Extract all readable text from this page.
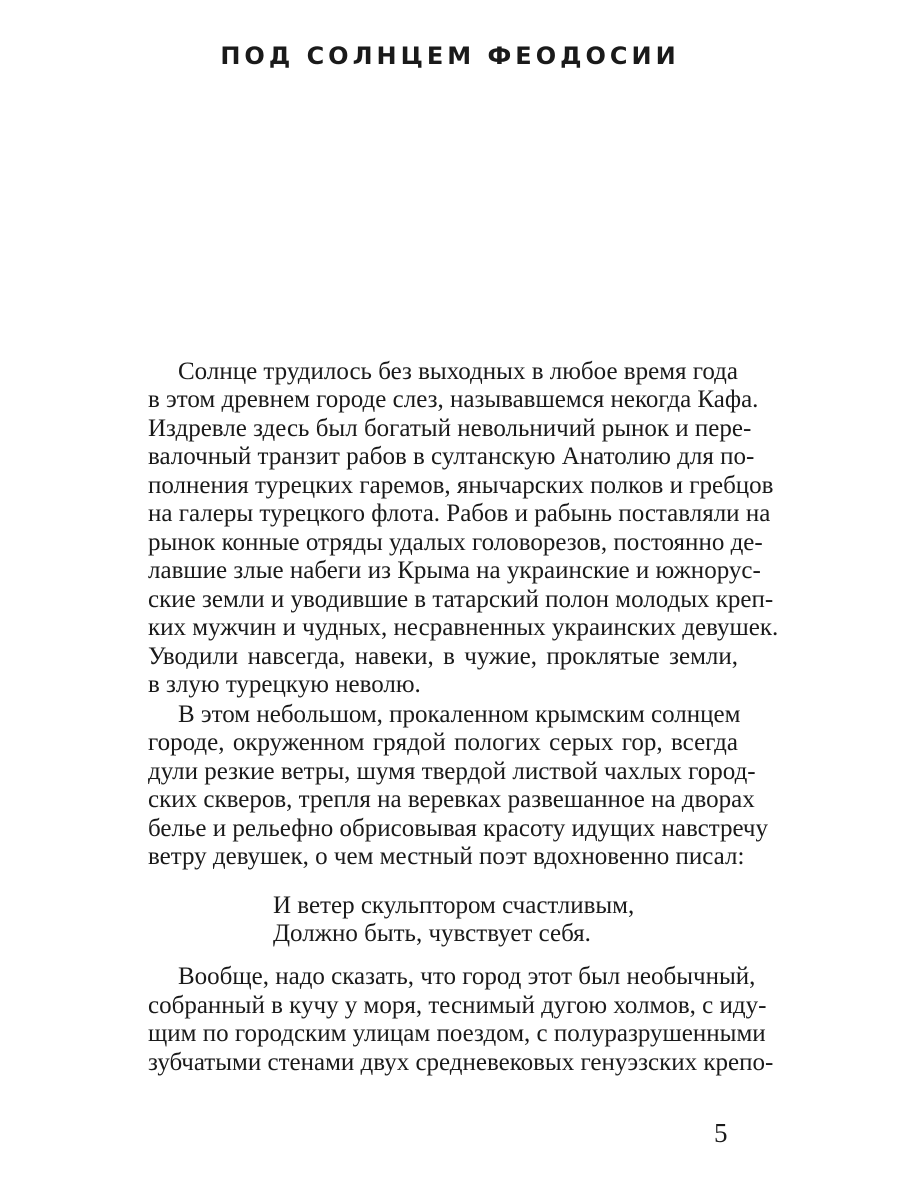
ПОД СОЛНЦЕМ ФЕОДОСИИ
Солнце трудилось без выходных в любое время года
в этом древнем городе слез, называвшемся некогда Кафа.
Издревле здесь был богатый невольничий рынок и пере-
валочный транзит рабов в султанскую Анатолию для по-
полнения турецких гаремов, янычарских полков и гребцов
на галеры турецкого флота. Рабов и рабынь поставляли на
рынок конные отряды удалых головорезов, постоянно де-
лавшие злые набеги из Крыма на украинские и южнорус-
ские земли и уводившие в татарский полон молодых креп-
ких мужчин и чудных, несравненных украинских девушек.
Уводили навсегда, навеки, в чужие, проклятые земли,
в злую турецкую неволю.
В этом небольшом, прокаленном крымским солнцем
городе, окруженном грядой пологих серых гор, всегда
дули резкие ветры, шумя твердой листвой чахлых город-
ских скверов, трепля на веревках развешанное на дворах
белье и рельефно обрисовывая красоту идущих навстречу
ветру девушек, о чем местный поэт вдохновенно писал:
И ветер скульптором счастливым,
Должно быть, чувствует себя.
Вообще, надо сказать, что город этот был необычный,
собранный в кучу у моря, теснимый дугою холмов, с иду-
щим по городским улицам поездом, с полуразрушенными
зубчатыми стенами двух средневековых генуэзских крепо-
5
